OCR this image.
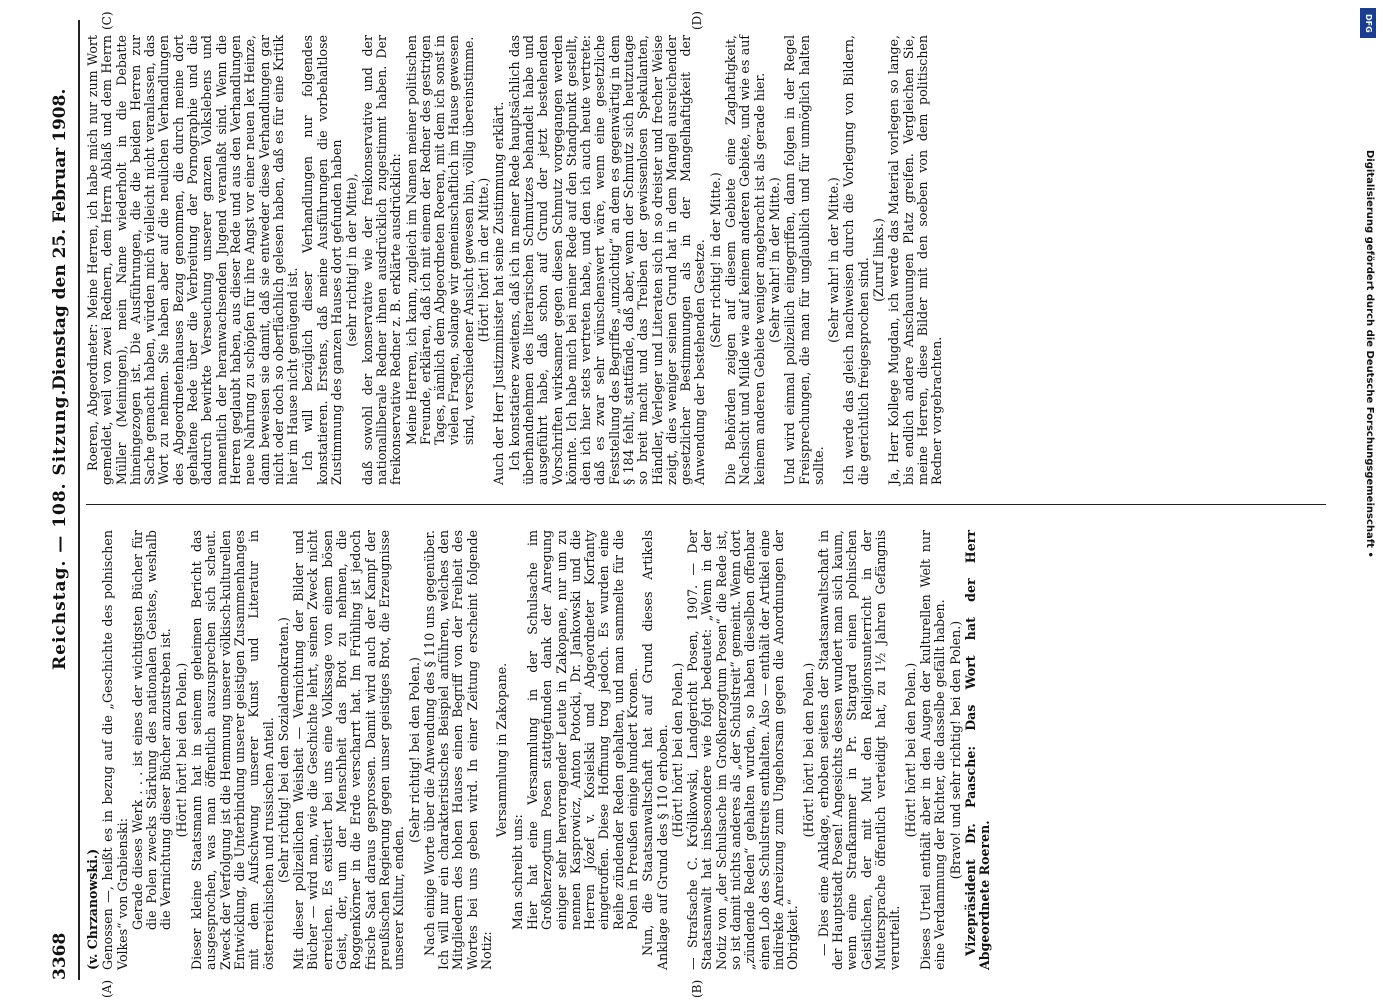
3368
Reichstag. — 108. Sitzung.
Dienstag den 25. Februar 1908.
(A)	(B)
(C)	(D)

(v. Chrzanowski.) Genossen —, heißt es in bezug auf die „Geschichte des polnischen Volkes“ von Grabienski: Gerade dieses Werk . . . ist eines der wichtigsten Bücher für die Polen zwecks Stärkung des nationalen Geistes, weshalb die Vernichtung dieser Bücher anzustreben ist. (Hört! hört! bei den Polen.) Dieser kleine Staatsmann hat in seinem geheimen Bericht das ausgesprochen, was man öffentlich auszusprechen sich scheut. Zweck der Verfolgung ist die Hemmung unserer völkisch-kulturellen Entwicklung, die Unterbindung unserer geistigen Zusammenhanges mit dem Aufschwung unserer Kunst und Literatur in österreichischen und russischen Anteil. (Sehr richtig! bei den Sozialdemokraten.) Mit dieser polizeilichen Weisheit — Vernichtung der Bilder und Bücher — wird man, wie die Geschichte lehrt, seinen Zweck nicht erreichen. Es existiert bei uns eine Volkssage von einem bösen Geist, der, um der Menschheit das Brot zu nehmen, die Roggenkörner in die Erde verscharrt hat. Im Frühling ist jedoch frische Saat daraus gesprossen. Damit wird auch der Kampf der preußischen Regierung gegen unser geistiges Brot, die Erzeugnisse unserer Kultur, enden.

(Sehr richtig! bei den Polen.) Nach einige Worte über die Anwendung des § 110 uns gegenüber. Ich will nur ein charakteristisches Beispiel anführen, welches den Mitgliedern des hohen Hauses einen Begriff von der Freiheit des Wortes bei uns geben wird. In einer Zeitung erscheint folgende Notiz:

Versammlung in Zakopane.

Man schreibt uns: Hier hat eine Versammlung in der Schulsache im Großherzogtum Posen stattgefunden dank der Anregung einiger sehr hervorragender Leute in Zakopane, nur um zu nennen Kasprowicz, Anton Potocki, Dr. Jankowski und die Herren Józef v. Kosielski und Abgeordneter Korfanty eingetroffen. Diese Hoffnung trog jedoch. Es wurden eine Reihe zündender Reden gehalten, und man sammelte für die Polen in Preußen einige hundert Kronen. Nun, die Staatsanwaltschaft hat auf Grund dieses Artikels Anklage auf Grund des § 110 erhoben. (Hört! hört! bei den Polen.) — Strafsache C. Królikowski, Landgericht Posen, 1907. — Der Staatsanwalt hat insbesondere wie folgt bedeutet: „Wenn in der Notiz von „der Schulsache im Großherzogtum Posen“ die Rede ist, so ist damit nichts anderes als „der Schulstreit“ gemeint. Wenn dort „zündende Reden“ gehalten wurden, so haben dieselben offenbar einen Lob des Schulstreits enthalten. Also — enthält der Artikel eine indirekte Anreizung zum Ungehorsam gegen die Anordnungen der Obrigkeit.“

(Hört! hört! bei den Polen.) — Dies eine Anklage, erhoben seitens der Staatsanwaltschaft in der Hauptstadt Posen! Angesichts dessen wundert man sich kaum, wenn eine Strafkammer in Pr. Stargard einen polnischen Geistlichen, der mit Mut den Religionsunterricht in der Muttersprache öffentlich verteidigt hat, zu 1½ Jahren Gefängnis verurteilt.

(Hört! hört! bei den Polen.) Dieses Urteil enthält aber in den Augen der kulturellen Welt nur eine Verdammung der Richter, die dasselbe gefällt haben. (Bravo! und sehr richtig! bei den Polen.) Vizepräsident Dr. Paasche: Das Wort hat der Herr Abgeordnete Roeren.

Roeren, Abgeordneter: Meine Herren, ich habe mich nur zum Wort gemeldet, weil von zwei Rednern, dem Herrn Ablaß und dem Herrn Müller (Meiningen), mein Name wiederholt in die Debatte hineingezogen ist. Die Ausführungen, die die beiden Herren zur Sache gemacht haben, würden mich vielleicht nicht veranlassen, das Wort zu nehmen. Sie haben aber auf die neulichen Verhandlungen des Abgeordnetenhauses Bezug genommen, die durch meine dort gehaltene Rede über die Verbreitung der Pornographie und die dadurch bewirkte Verseuchung unserer ganzen Volkslebens und namentlich der heranwachsenden Jugend veranlaßt sind. Wenn die Herren geglaubt haben, aus dieser Rede und aus den Verhandlungen neue Nahrung zu schöpfen für ihre Angst vor einer neuen lex Heinze, dann beweisen sie damit, daß sie entweder diese Verhandlungen gar nicht oder doch so oberflächlich gelesen haben, daß es für eine Kritik hier im Hause nicht genügend ist. Ich will bezüglich dieser Verhandlungen nur folgendes konstatieren. Erstens, daß meine Ausführungen die vorbehaltlose Zustimmung des ganzen Hauses dort gefunden haben (sehr richtig! in der Mitte), daß sowohl der konservative wie der freikonservative und der nationalliberale Redner ihnen ausdrücklich zugestimmt haben. Der freikonservative Redner z. B. erklärte ausdrücklich: Meine Herren, ich kann, zugleich im Namen meiner politischen Freunde, erklären, daß ich mit einem der Redner des gestrigen Tages, nämlich dem Abgeordneten Roeren, mit dem ich sonst in vielen Fragen, solange wir gemeinschaftlich im Hause gewesen sind, verschiedener Ansicht gewesen bin, völlig übereinstimme. (Hört! hört! in der Mitte.) Auch der Herr Justizminister hat seine Zustimmung erklärt. Ich konstatiere zweitens, daß ich in meiner Rede hauptsächlich das überhandnehmen des literarischen Schmutzes behandelt habe und ausgeführt habe, daß schon auf Grund der jetzt bestehenden Vorschriften wirksamer gegen diesen Schmutz vorgegangen werden könnte. Ich habe mich bei meiner Rede auf den Standpunkt gestellt, den ich hier stets vertreten habe, und den ich auch heute vertrete: daß es zwar sehr wünschenswert wäre, wenn eine gesetzliche Feststellung des Begriffes „unzüchtig“ an dem es gegenwärtig in dem § 184 fehlt, stattfände, daß aber, wenn der Schmutz sich heutzutage so breit macht und das Treiben der gewissenlosen Spekulanten, Händler, Verleger und Literaten sich in so dreister und frecher Weise zeigt, dies weniger seinen Grund hat in dem Mangel ausreichender gesetzlicher Bestimmungen als in der Mangelhaftigkeit der Anwendung der bestehenden Gesetze. (Sehr richtig! in der Mitte.) Die Behörden zeigen auf diesem Gebiete eine Zaghaftigkeit, Nachsicht und Milde wie auf keinem anderen Gebiete, und wie es auf keinem anderen Gebiete weniger angebracht ist als gerade hier. (Sehr wahr! in der Mitte.) Und wird einmal polizeilich eingegriffen, dann folgen in der Regel Freisprechungen, die man für unglaublich und für unmöglich halten sollte.

(Sehr wahr! in der Mitte.) Ich werde das gleich nachweisen durch die Vorlegung von Bildern, die gerichtlich freigesprochen sind. (Zuruf links.) Ja, Herr Kollege Mugdan, ich werde das Material vorlegen so lange, bis endlich andere Anschauungen Platz greifen. Vergleichen Sie, meine Herren, diese Bilder mit den soeben von dem politischen Redner vorgebrachten.	Digitalisierung gefördert durch die Deutsche Forschungsgemeinschaft •
DFG
